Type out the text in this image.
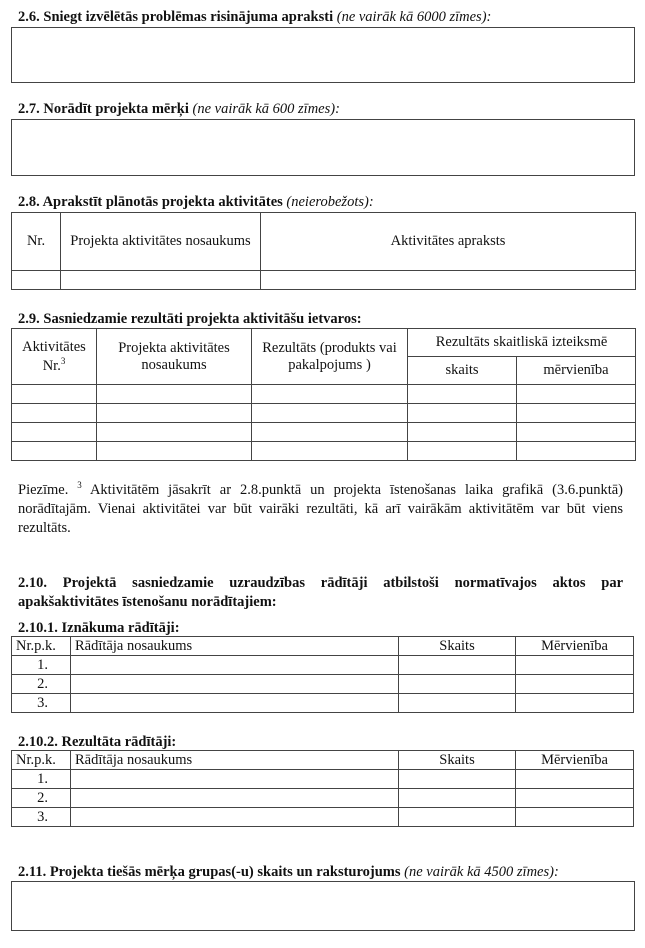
2.6. Sniegt izvēlētās problēmas risinājuma apraksti (ne vairāk kā 6000 zīmes):
2.7. Norādīt projekta mērķi (ne vairāk kā 600 zīmes):
2.8. Aprakstīt plānotās projekta aktivitātes (neierobežots):
Nr.	Projekta aktivitātes nosaukums	Aktivitātes apraksts

2.9. Sasniedzamie rezultāti projekta aktivitāšu ietvaros:
Aktivitātes Nr.$^3$	Projekta aktivitātes nosaukums	Rezultāts (produkts vai pakalpojums )	Rezultāts skaitliskā izteiksmē	
			skaits	mērvienība

Piezīme. $^3$ Aktivitātēm jāsakrīt ar 2.8.punktā un projekta īstenošanas laika grafikā (3.6.punktā) norādītajām. Vienai aktivitātei var būt vairāki rezultāti, kā arī vairākām aktivitātēm var būt viens rezultāts.
2.10. Projektā sasniedzamie uzraudzības rādītāji atbilstoši normatīvajos aktos par apakšaktivitātes īstenošanu norādītajiem:
2.10.1. Iznākuma rādītāji:
Nr.p.k.	Rādītāja nosaukums	Skaits	Mērvienība
1.			
2.			
3.			
2.10.2. Rezultāta rādītāji:
Nr.p.k.	Rādītāja nosaukums	Skaits	Mērvienība
1.			
2.			
3.			
2.11. Projekta tiešās mērķa grupas(-u) skaits un raksturojums (ne vairāk kā 4500 zīmes):
